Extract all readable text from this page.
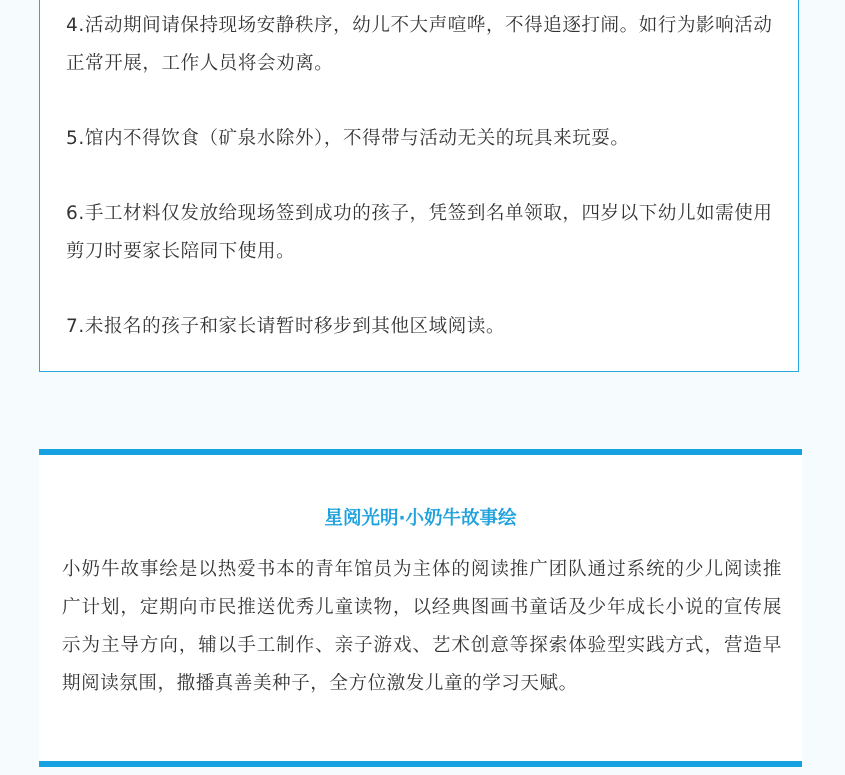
4.活动期间请保持现场安静秩序，幼儿不大声喧哗，不得追逐打闹。如行为影响活动正常开展，工作人员将会劝离。

5.馆内不得饮食（矿泉水除外），不得带与活动无关的玩具来玩耍。

6.手工材料仅发放给现场签到成功的孩子，凭签到名单领取，四岁以下幼儿如需使用剪刀时要家长陪同下使用。

7.未报名的孩子和家长请暂时移步到其他区域阅读。

星阅光明·小奶牛故事绘

小奶牛故事绘是以热爱书本的青年馆员为主体的阅读推广团队通过系统的少儿阅读推广计划，定期向市民推送优秀儿童读物，以经典图画书童话及少年成长小说的宣传展示为主导方向，辅以手工制作、亲子游戏、艺术创意等探索体验型实践方式，营造早期阅读氛围，撒播真善美种子，全方位激发儿童的学习天赋。
